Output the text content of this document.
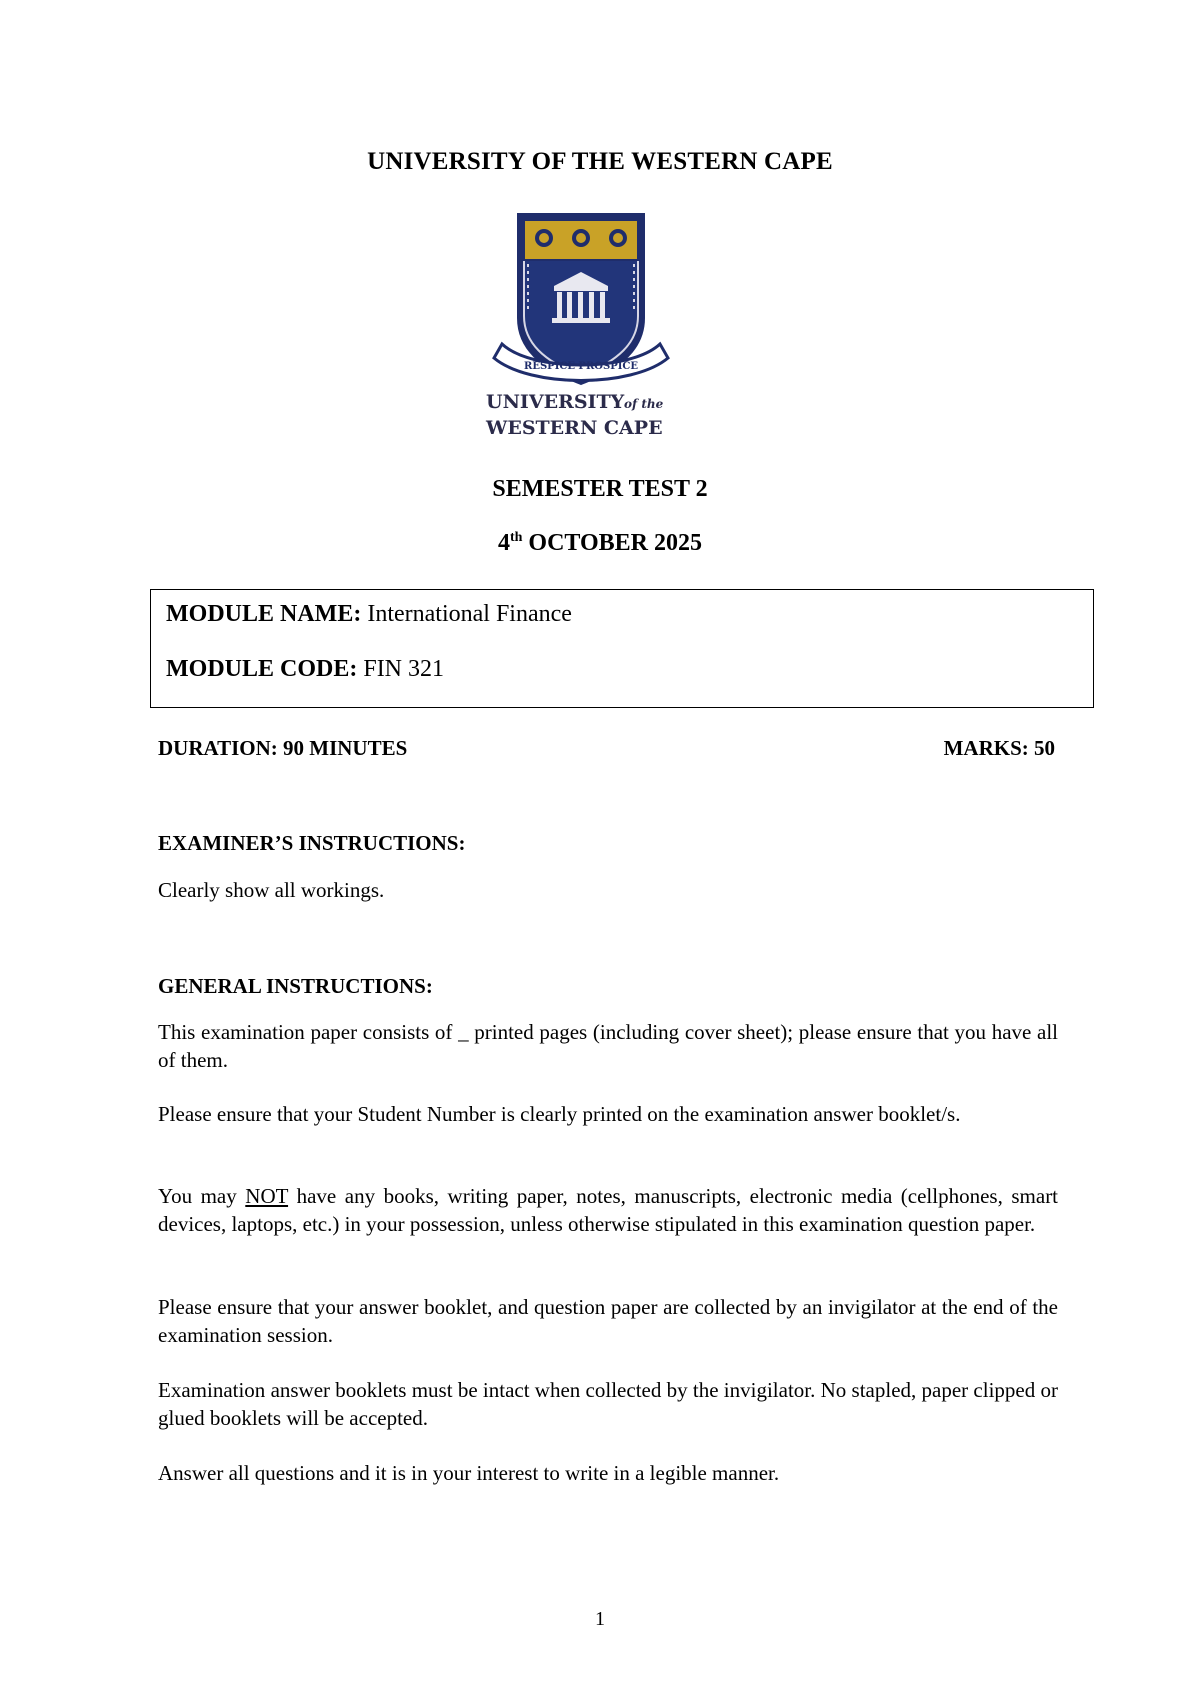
UNIVERSITY OF THE WESTERN CAPE
RESPICE PROSPICE
UNIVERSITY of the
WESTERN CAPE
SEMESTER TEST 2
4th OCTOBER 2025
MODULE NAME: International Finance
MODULE CODE: FIN 321
DURATION: 90 MINUTES	MARKS: 50
EXAMINER’S INSTRUCTIONS:
Clearly show all workings.
GENERAL INSTRUCTIONS:
This examination paper consists of _ printed pages (including cover sheet); please ensure that you have all of them.
Please ensure that your Student Number is clearly printed on the examination answer booklet/s.
You may NOT have any books, writing paper, notes, manuscripts, electronic media (cellphones, smart devices, laptops, etc.) in your possession, unless otherwise stipulated in this examination question paper.
Please ensure that your answer booklet, and question paper are collected by an invigilator at the end of the examination session.
Examination answer booklets must be intact when collected by the invigilator. No stapled, paper clipped or glued booklets will be accepted.
Answer all questions and it is in your interest to write in a legible manner.
1
